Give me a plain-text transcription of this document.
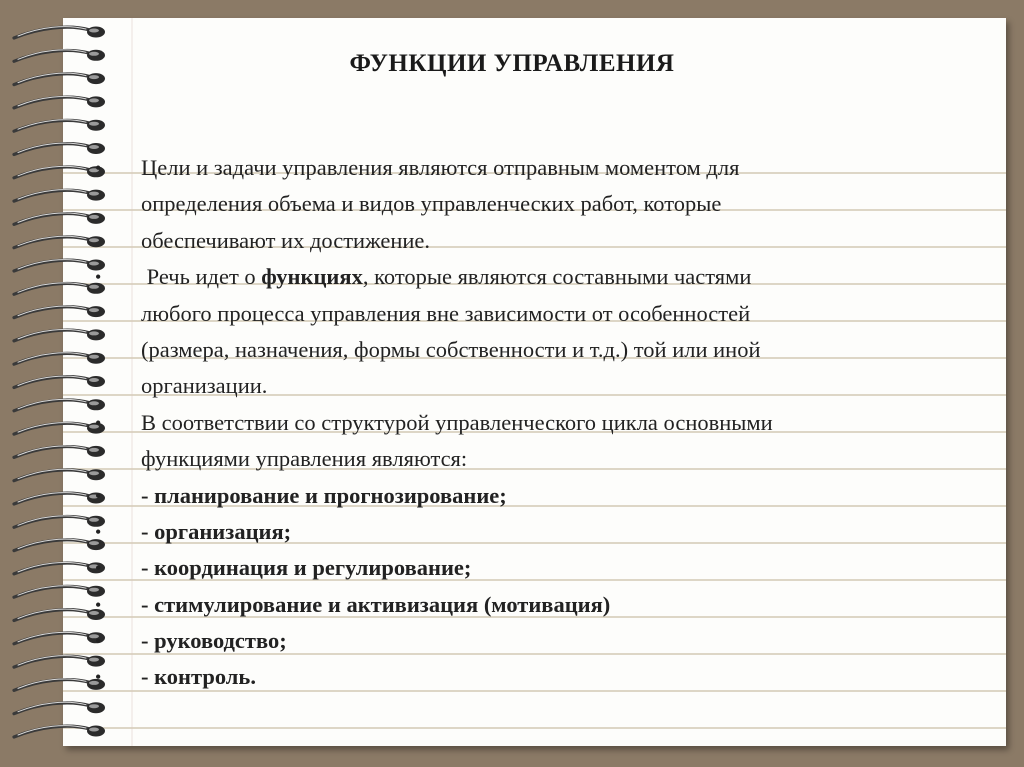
ФУНКЦИИ УПРАВЛЕНИЯ
• Цели и задачи управления являются отправным моментом для
определения объема и видов управленческих работ, которые
обеспечивают их достижение.
• Речь идет о функциях, которые являются составными частями
любого процесса управления вне зависимости от особенностей
(размера, назначения, формы собственности и т.д.) той или иной
организации.
• В соответствии со структурой управленческого цикла основными
функциями управления являются:
• - планирование и прогнозирование;
• - организация;
• - координация и регулирование;
• - стимулирование и активизация (мотивация)
• - руководство;
• - контроль.
